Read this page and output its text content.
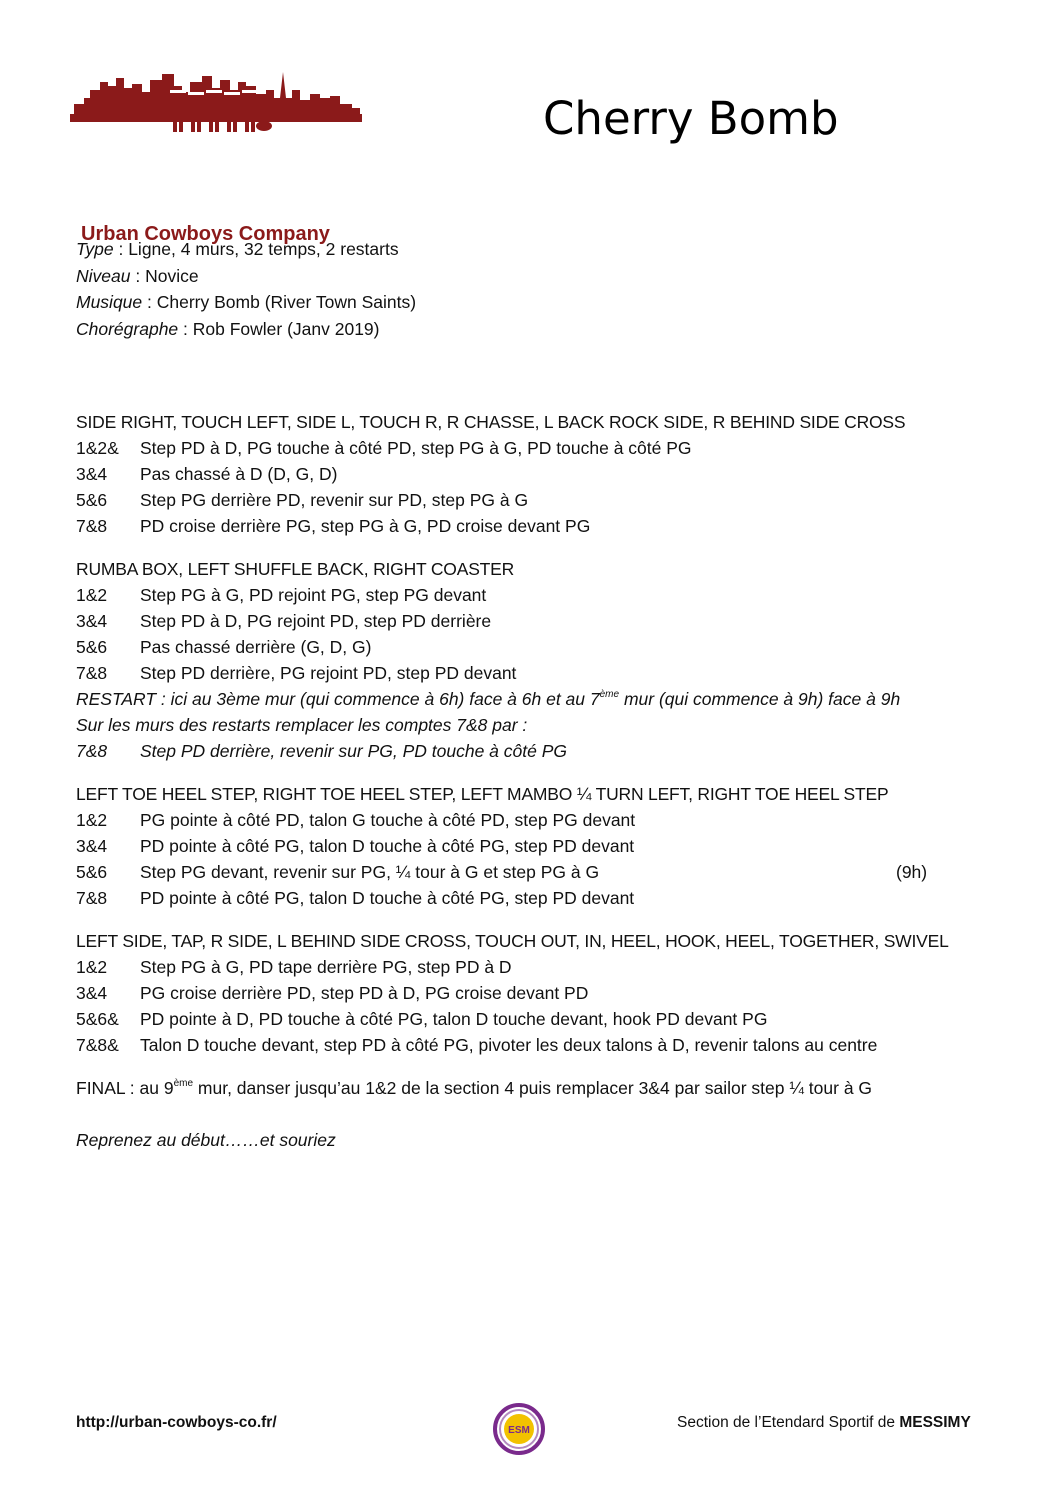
Urban Cowboys Company
Cherry Bomb
Type : Ligne, 4 murs, 32 temps, 2 restarts
Niveau : Novice
Musique : Cherry Bomb (River Town Saints)
Chorégraphe : Rob Fowler (Janv 2019)
SIDE RIGHT, TOUCH LEFT, SIDE L, TOUCH R, R CHASSE, L BACK ROCK SIDE, R BEHIND SIDE CROSS
1&2& Step PD à D, PG touche à côté PD, step PG à G, PD touche à côté PG
3&4 Pas chassé à D (D, G, D)
5&6 Step PG derrière PD, revenir sur PD, step PG à G
7&8 PD croise derrière PG, step PG à G, PD croise devant PG
RUMBA BOX, LEFT SHUFFLE BACK, RIGHT COASTER
1&2 Step PG à G, PD rejoint PG, step PG devant
3&4 Step PD à D, PG rejoint PD, step PD derrière
5&6 Pas chassé derrière (G, D, G)
7&8 Step PD derrière, PG rejoint PD, step PD devant
RESTART : ici au 3ème mur (qui commence à 6h) face à 6h et au 7ème mur (qui commence à 9h) face à 9h
Sur les murs des restarts remplacer les comptes 7&8 par :
7&8 Step PD derrière, revenir sur PG, PD touche à côté PG
LEFT TOE HEEL STEP, RIGHT TOE HEEL STEP, LEFT MAMBO ¼ TURN LEFT, RIGHT TOE HEEL STEP
1&2 PG pointe à côté PD, talon G touche à côté PD, step PG devant
3&4 PD pointe à côté PG, talon D touche à côté PG, step PD devant
5&6 Step PG devant, revenir sur PG, ¼ tour à G et step PG à G	(9h)
7&8 PD pointe à côté PG, talon D touche à côté PG, step PD devant
LEFT SIDE, TAP, R SIDE, L BEHIND SIDE CROSS, TOUCH OUT, IN, HEEL, HOOK, HEEL, TOGETHER, SWIVEL
1&2 Step PG à G, PD tape derrière PG, step PD à D
3&4 PG croise derrière PD, step PD à D, PG croise devant PD
5&6& PD pointe à D, PD touche à côté PG, talon D touche devant, hook PD devant PG
7&8& Talon D touche devant, step PD à côté PG, pivoter les deux talons à D, revenir talons au centre
FINAL : au 9ème mur, danser jusqu’au 1&2 de la section 4 puis remplacer 3&4 par sailor step ¼ tour à G
Reprenez au début……et souriez
http://urban-cowboys-co.fr/	ESM	Section de l’Etendard Sportif de MESSIMY
